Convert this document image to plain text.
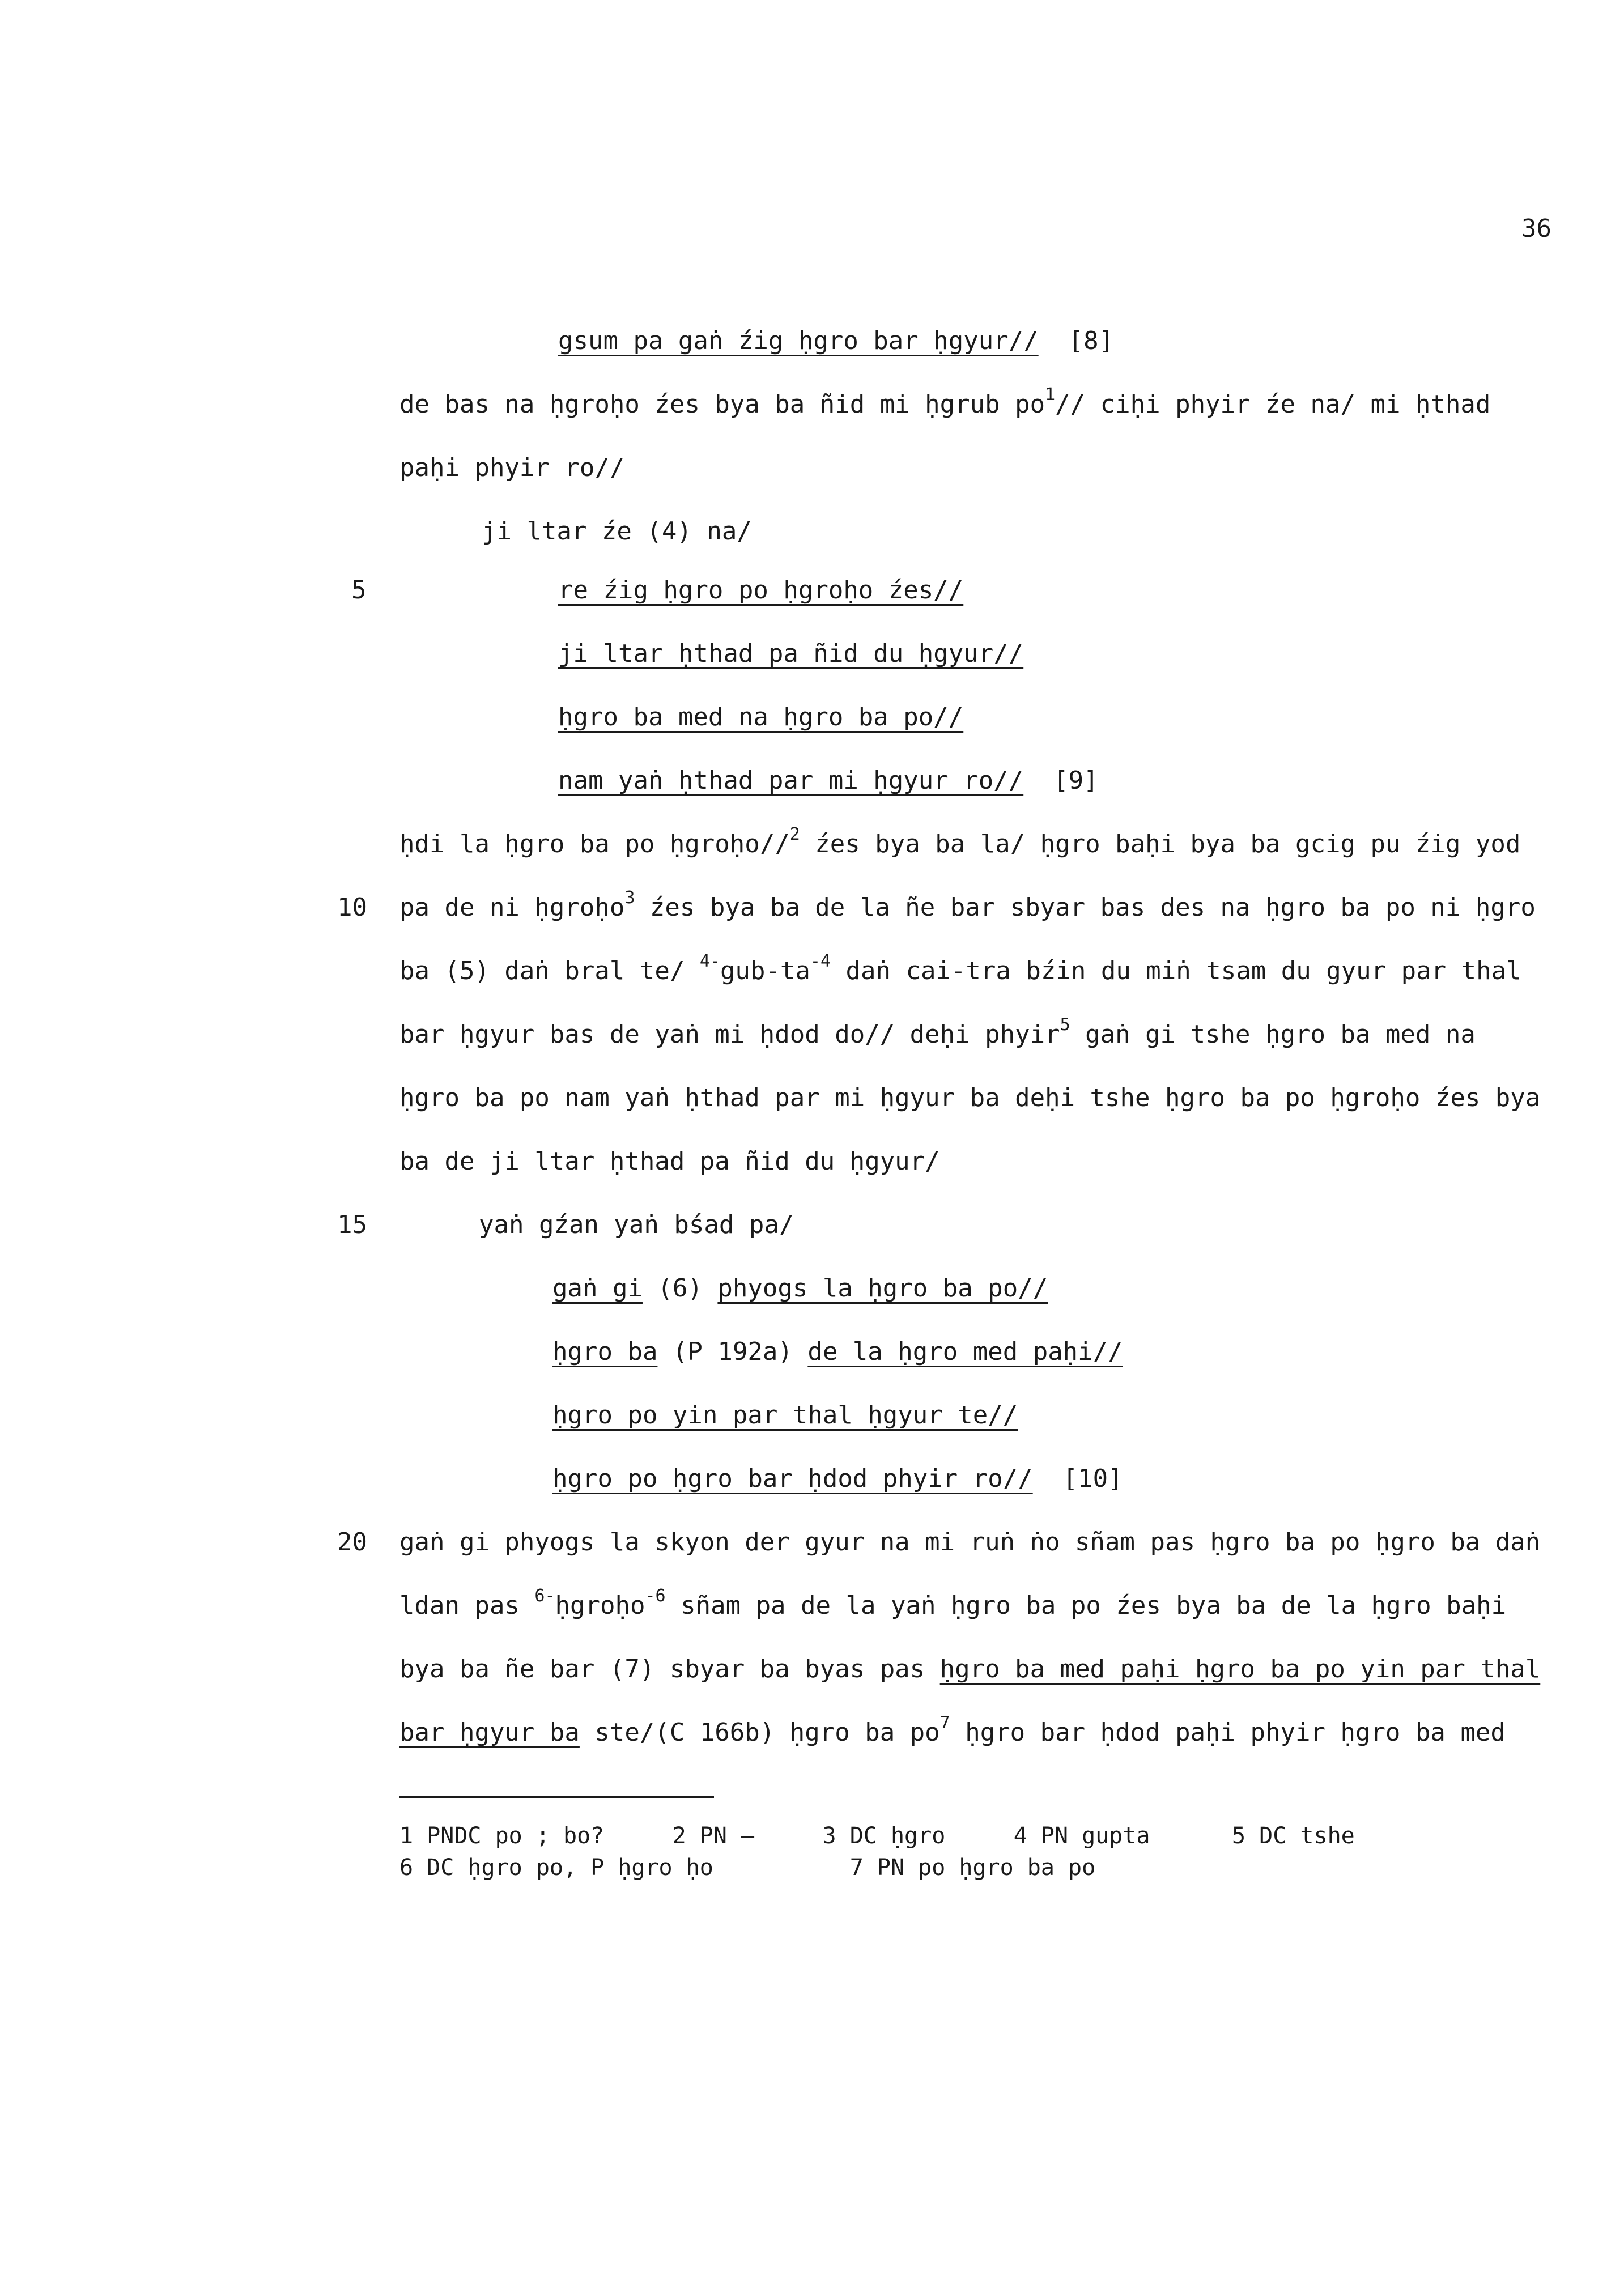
36
5
10
15
20
gsum pa gaṅ źig ḥgro bar ḥgyur//  [8]
de bas na ḥgroḥo źes bya ba ñid mi ḥgrub $po^1//$ ciḥi phyir źe na/ mi ḥthad
paḥi phyir ro//
ji ltar źe (4) na/
re źig ḥgro po ḥgroḥo źes//
ji ltar ḥthad pa ñid du ḥgyur//
ḥgro ba med na ḥgro ba po//
nam yaṅ ḥthad par mi ḥgyur ro//  [9]
ḥdi la ḥgro ba po ḥgroḥo//$^2$ źes bya ba la/ ḥgro baḥi bya ba gcig pu źig yod
pa de ni ḥgroḥo$^3$ źes bya ba de la ñe bar sbyar bas des na ḥgro ba po ni ḥgro
ba (5) daṅ bral te/ $^{4-}gub-ta^{-4}$ daṅ cai-tra bźin du miṅ tsam du gyur par thal
bar ḥgyur bas de yaṅ mi ḥdod do// deḥi phyir$^5$ gaṅ gi tshe ḥgro ba med na
ḥgro ba po nam yaṅ ḥthad par mi ḥgyur ba deḥi tshe ḥgro ba po ḥgroḥo źes bya
ba de ji ltar ḥthad pa ñid du ḥgyur/
yaṅ gźan yaṅ bśad pa/
gaṅ gi (6) phyogs la ḥgro ba po//
ḥgro ba (P 192a) de la ḥgro med paḥi//
ḥgro po yin par thal ḥgyur te//
ḥgro po ḥgro bar ḥdod phyir ro//  [10]
gaṅ gi phyogs la skyon der gyur na mi ruṅ ṅo sñam pas ḥgro ba po ḥgro ba daṅ
ldan pas $^{6-}$ḥgroḥo$^{-6}$ sñam pa de la yaṅ ḥgro ba po źes bya ba de la ḥgro baḥi
bya ba ñe bar (7) sbyar ba byas pas ḥgro ba med paḥi ḥgro ba po yin par thal
bar ḥgyur ba ste/(C 166b) ḥgro ba $po^7$ ḥgro bar ḥdod paḥi phyir ḥgro ba med
1 PNDC po ; bo?     2 PN —     3 DC ḥgro     4 PN gupta      5 DC tshe
6 DC ḥgro po, P ḥgro ḥo          7 PN po ḥgro ba po
